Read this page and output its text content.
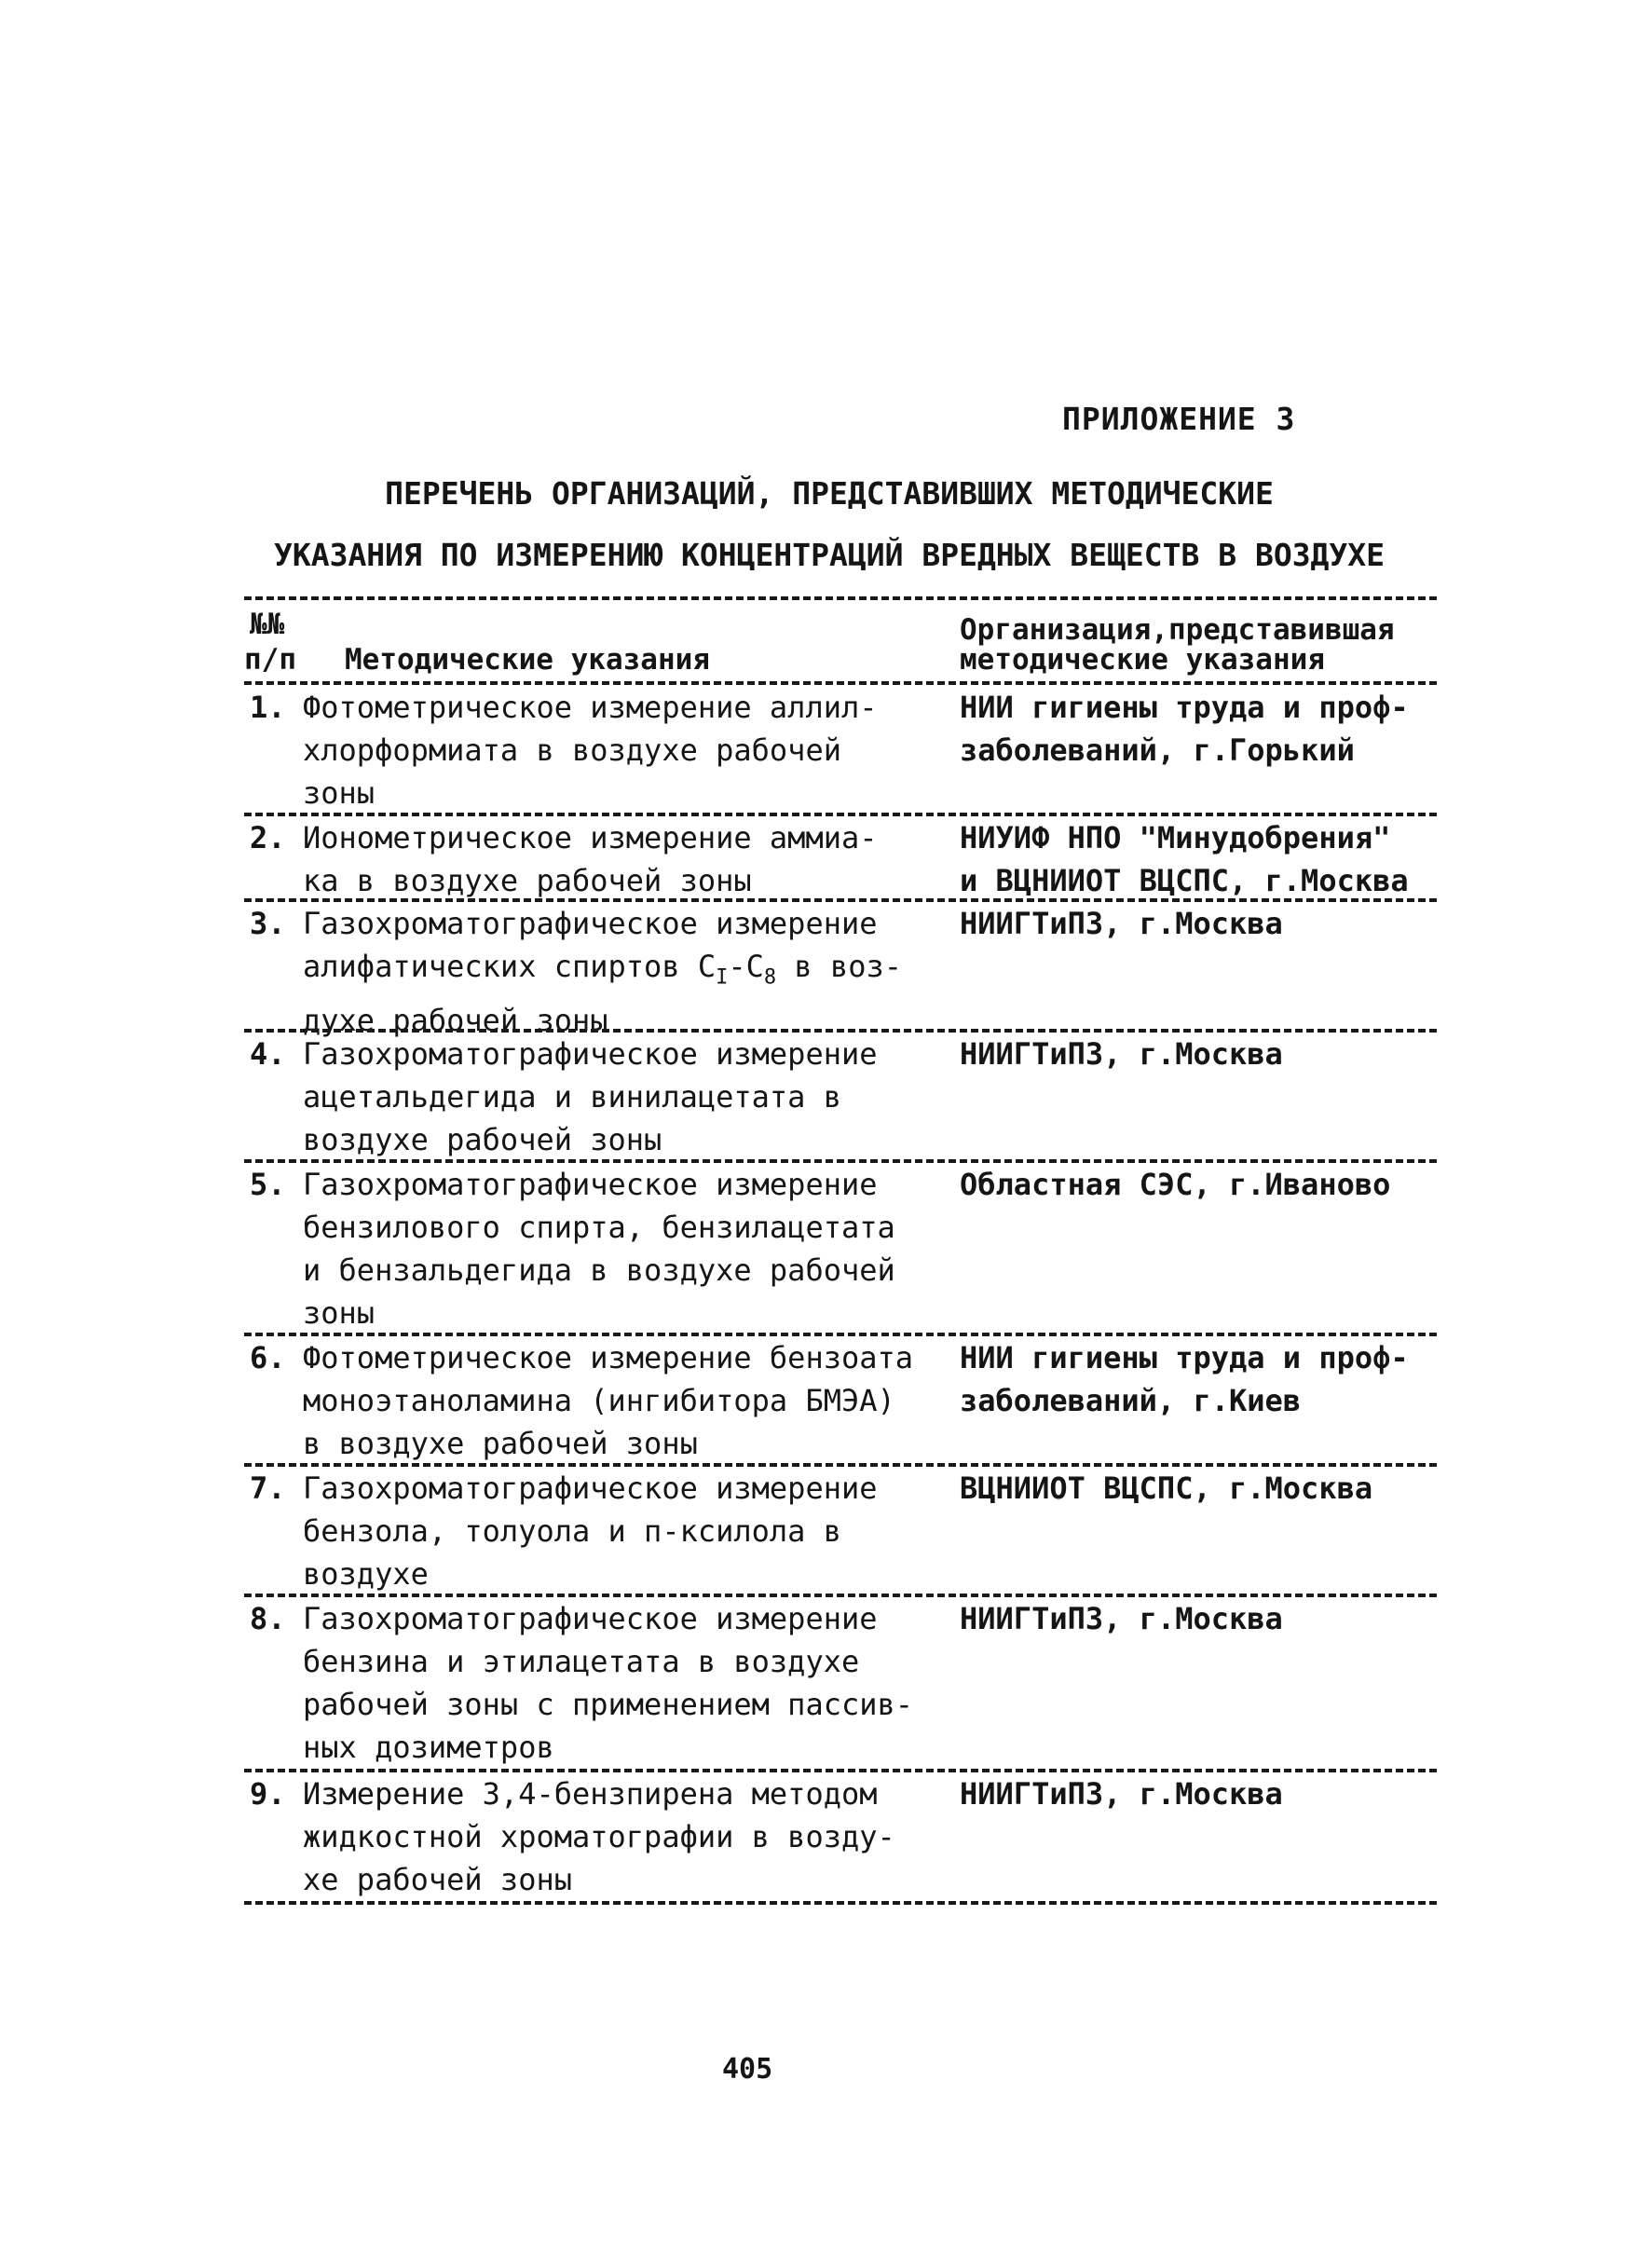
ПРИЛОЖЕНИЕ 3
ПЕРЕЧЕНЬ ОРГАНИЗАЦИЙ, ПРЕДСТАВИВШИХ МЕТОДИЧЕСКИЕ
УКАЗАНИЯ ПО ИЗМЕРЕНИЮ КОНЦЕНТРАЦИЙ ВРЕДНЫХ ВЕЩЕСТВ В ВОЗДУХЕ
№№
п/п Методические указания
Организация,представившая
методические указания
1. Фотометрическое измерение аллил-
хлорформиата в воздухе рабочей
зоны
НИИ гигиены труда и проф-
заболеваний, г.Горький
2. Ионометрическое измерение аммиа-
ка в воздухе рабочей зоны
НИУИФ НПО "Минудобрения"
и ВЦНИИОТ ВЦСПС, г.Москва
3. Газохроматографическое измерение
алифатических спиртов $С_I-С_8$ в воз-
духе рабочей зоны
НИИГТиПЗ, г.Москва
4. Газохроматографическое измерение
ацетальдегида и винилацетата в
воздухе рабочей зоны
НИИГТиПЗ, г.Москва
5. Газохроматографическое измерение
бензилового спирта, бензилацетата
и бензальдегида в воздухе рабочей
зоны
Областная СЭС, г.Иваново
6. Фотометрическое измерение бензоата
моноэтаноламина (ингибитора БМЭА)
в воздухе рабочей зоны
НИИ гигиены труда и проф-
заболеваний, г.Киев
7. Газохроматографическое измерение
бензола, толуола и п-ксилола в
воздухе
ВЦНИИОТ ВЦСПС, г.Москва
8. Газохроматографическое измерение
бензина и этилацетата в воздухе
рабочей зоны с применением пассив-
ных дозиметров
НИИГТиПЗ, г.Москва
9. Измерение 3,4-бензпирена методом
жидкостной хроматографии в возду-
хе рабочей зоны
НИИГТиПЗ, г.Москва
405
